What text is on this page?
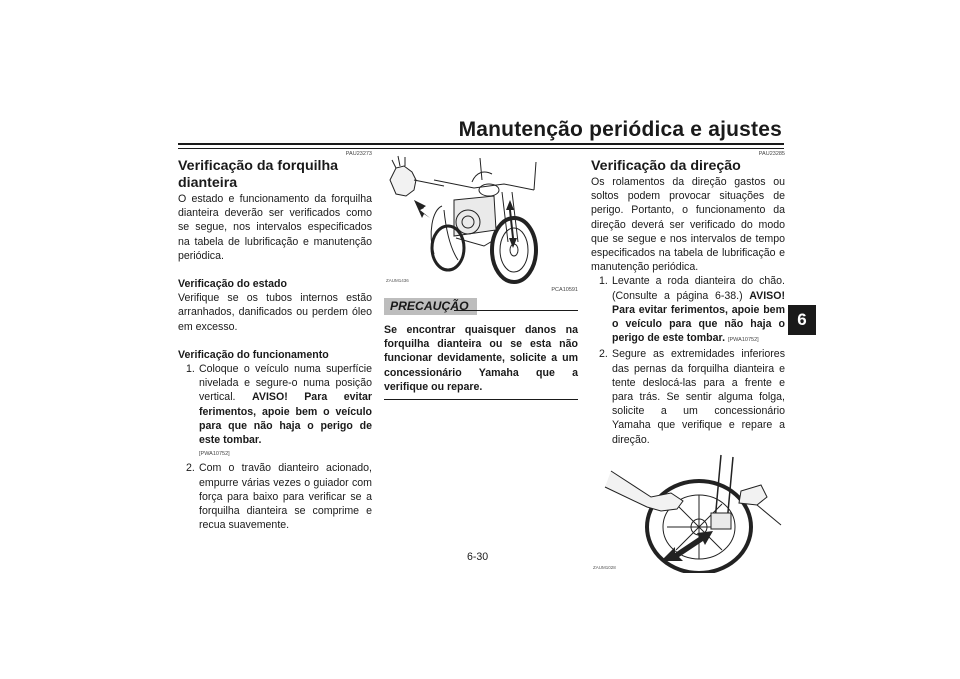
Manutenção periódica e ajustes
6
PAU23273
Verificação da forquilha dianteira

O estado e funcionamento da forquilha dianteira deverão ser verificados como se segue, nos intervalos especificados na tabela de lubrificação e manutenção periódica.

Verificação do estado

Verifique se os tubos internos estão arranhados, danificados ou perdem óleo em excesso.

Verificação do funcionamento
1. Coloque o veículo numa superfície nivelada e segure-o numa posição vertical. AVISO! Para evitar ferimentos, apoie bem o veículo para que não haja o perigo de este tombar.
[PWA10752]
2. Com o travão dianteiro acionado, empurre várias vezes o guiador com força para baixo para verificar se a forquilha dianteira se comprime e recua suavemente.
ZAUM1436
PCA10591
PRECAUÇÃO

Se encontrar quaisquer danos na forquilha dianteira ou se esta não funcionar devidamente, solicite a um concessionário Yamaha que a verifique ou repare.

PAU23285
Verificação da direção

Os rolamentos da direção gastos ou soltos podem provocar situações de perigo. Portanto, o funcionamento da direção deverá ser verificado do modo que se segue e nos intervalos de tempo especificados na tabela de lubrificação e manutenção periódica.

1. Levante a roda dianteira do chão. (Consulte a página 6-38.) AVISO! Para evitar ferimentos, apoie bem o veículo para que não haja o perigo de este tombar. [PWA10752]
2. Segure as extremidades inferiores das pernas da forquilha dianteira e tente deslocá-las para a frente e para trás. Se sentir alguma folga, solicite a um concessionário Yamaha que verifique e repare a direção.
ZAUM1028
6-30
